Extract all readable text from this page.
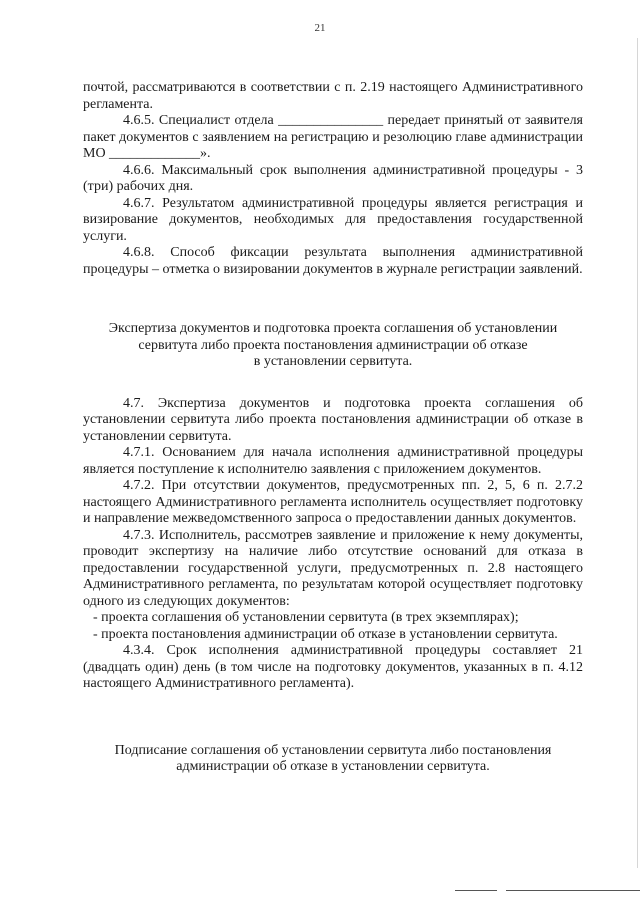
21

почтой, рассматриваются в соответствии с п. 2.19 настоящего Административного регламента.

4.6.5. Специалист отдела _______________ передает принятый от заявителя пакет документов с заявлением на регистрацию и резолюцию главе администрации МО _____________».

4.6.6. Максимальный срок выполнения административной процедуры - 3 (три) рабочих дня.

4.6.7. Результатом административной процедуры является регистрация и визирование документов, необходимых для предоставления государственной услуги.

4.6.8. Способ фиксации результата выполнения административной процедуры – отметка о визировании документов в журнале регистрации заявлений.

Экспертиза документов и подготовка проекта соглашения об установлении

сервитута либо проекта постановления администрации об отказе

в установлении сервитута.

4.7. Экспертиза документов и подготовка проекта соглашения об установлении сервитута либо проекта постановления администрации об отказе в установлении сервитута.

4.7.1. Основанием для начала исполнения административной процедуры является поступление к исполнителю заявления с приложением документов.

4.7.2. При отсутствии документов, предусмотренных пп. 2, 5, 6 п. 2.7.2 настоящего Административного регламента исполнитель осуществляет подготовку и направление межведомственного запроса о предоставлении данных документов.

4.7.3. Исполнитель, рассмотрев заявление и приложение к нему документы, проводит экспертизу на наличие либо отсутствие оснований для отказа в предоставлении государственной услуги, предусмотренных п. 2.8 настоящего Административного регламента, по результатам которой осуществляет подготовку одного из следующих документов:

- проекта соглашения об установлении сервитута (в трех экземплярах);

- проекта постановления администрации об отказе в установлении сервитута.

4.3.4. Срок исполнения административной процедуры составляет 21 (двадцать один) день (в том числе на подготовку документов, указанных в п. 4.12 настоящего Административного регламента).

Подписание соглашения об установлении сервитута либо постановления

администрации об отказе в установлении сервитута.
